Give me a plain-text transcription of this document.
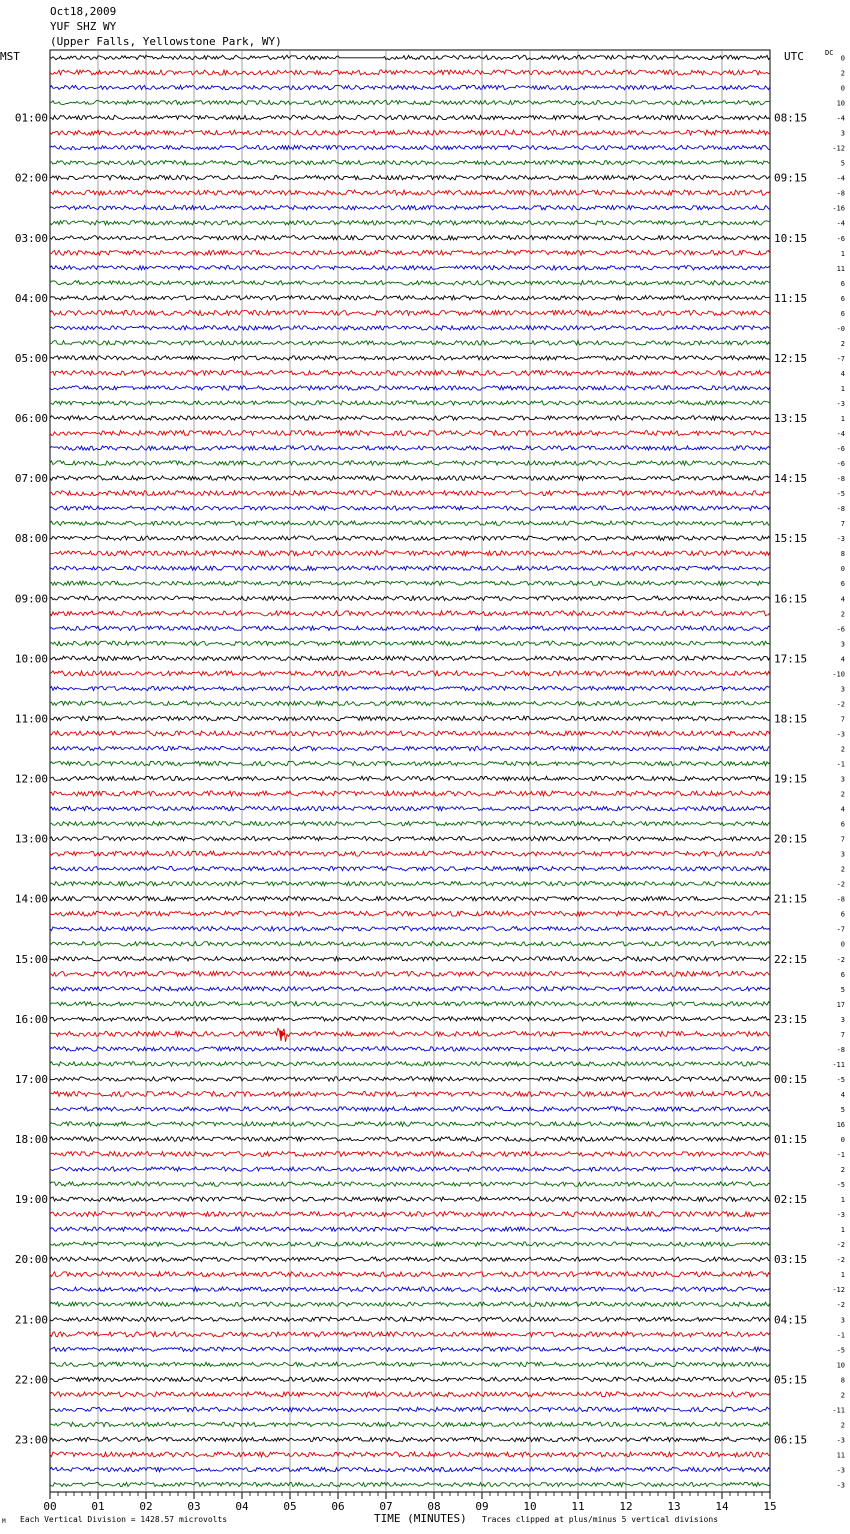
Oct18,2009
YUF SHZ WY
(Upper Falls, Yellowstone Park, WY)
MST	UTC	DC
01:00	08:15
02:00	09:15
03:00	10:15
04:00	11:15
05:00	12:15
06:00	13:15
07:00	14:15
08:00	15:15
09:00	16:15
10:00	17:15
11:00	18:15
12:00	19:15
13:00	20:15
14:00	21:15
15:00	22:15
16:00	23:15
17:00	00:15
18:00	01:15
19:00	02:15
20:00	03:15
21:00	04:15
22:00	05:15
23:00	06:15
0
2
0
10
-4
3
-12
5
-4
-8
-16
-4
-6
1
11
6
6
6
-0
2
-7
4
1
-3
1
-4
-6
-6
-8
-5
-8
7
-3
8
0
6
4
2
-6
3
4
-10
3
-2
7
-3
2
-1
3
2
4
6
7
3
2
-2
-8
6
-7
0
-2
6
5
17
3
7
-8
-11
-5
4
5
16
0
-1
2
-5
1
-3
1
-2
-2
1
-12
-2
3
-1
-5
10
8
2
-11
2
-3
11
-3
-3
00	01	02	03	04	05	06	07	08	09	10	11	12	13	14	15
Each Vertical Division = 1428.57 microvolts	TIME (MINUTES) Traces clipped at plus/minus 5 vertical divisions
M
